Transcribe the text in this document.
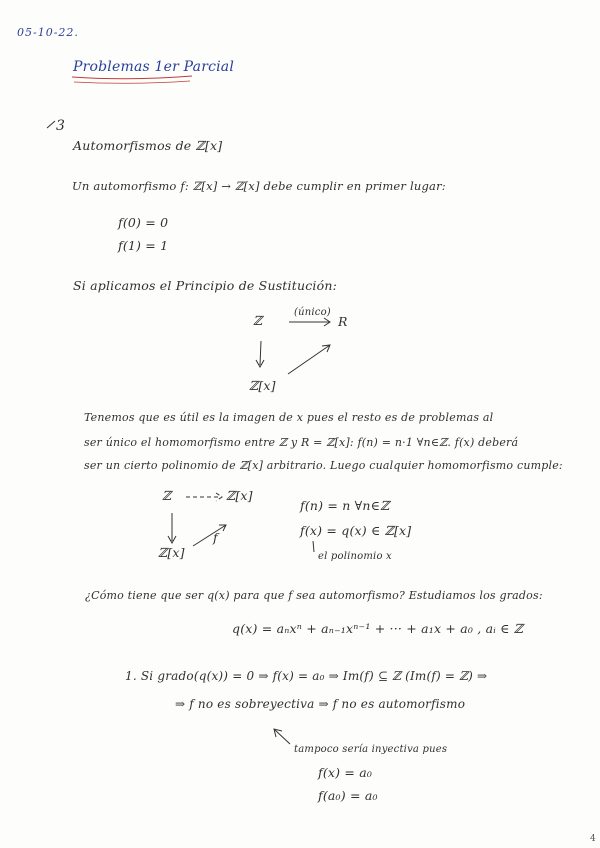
05-10-22.
Problemas 1er Parcial
3
Automorfismos de ℤ[x]
Un automorfismo f: ℤ[x] → ℤ[x] debe cumplir en primer lugar:
f(0) = 0
f(1) = 1
Si aplicamos el Principio de Sustitución:
ℤ
(único)
R
ℤ[x]
Tenemos que es útil es la imagen de x pues el resto es de problemas al
ser único el homomorfismo entre ℤ y R = ℤ[x]: f(n) = n·1 ∀n∈ℤ. f(x) deberá
ser un cierto polinomio de ℤ[x] arbitrario. Luego cualquier homomorfismo cumple:
ℤ	ℤ[x]
ℤ[x]
f
f(n) = n ∀n∈ℤ
f(x) = q(x) ∈ ℤ[x]
el polinomio x
¿Cómo tiene que ser q(x) para que f sea automorfismo? Estudiamos los grados:
q(x) = aₙxⁿ + aₙ₋₁xⁿ⁻¹ + ··· + a₁x + a₀ , aᵢ ∈ ℤ
1. Si grado(q(x)) = 0 ⇒ f(x) = a₀ ⇒ Im(f) ⊆ ℤ (Im(f) = ℤ) ⇒
⇒ f no es sobreyectiva ⇒ f no es automorfismo
tampoco sería inyectiva pues
f(x) = a₀
f(a₀) = a₀
4
